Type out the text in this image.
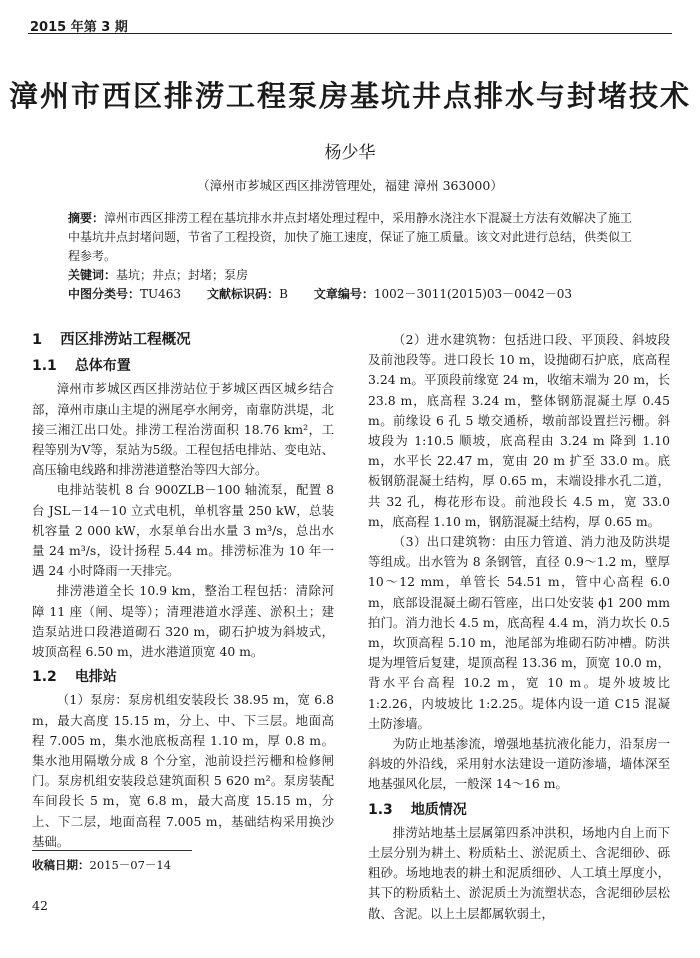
2015 年第 3 期
漳州市西区排涝工程泵房基坑井点排水与封堵技术
杨少华
（漳州市芗城区西区排涝管理处，福建 漳州 363000）

摘要：漳州市西区排涝工程在基坑排水井点封堵处理过程中，采用静水浇注水下混凝土方法有效解决了施工中基坑井点封堵问题，节省了工程投资，加快了施工速度，保证了施工质量。该文对此进行总结，供类似工程参考。

关键词：基坑；井点；封堵；泵房

中图分类号：TU463 文献标识码：B 文章编号：1002－3011(2015)03－0042－03

1 西区排涝站工程概况
1.1 总体布置

漳州市芗城区西区排涝站位于芗城区西区城乡结合部，漳州市康山主堤的洲尾亭水闸旁，南靠防洪堤，北接三湘江出口处。排涝工程治涝面积 18.76 km²，工程等别为Ⅴ等，泵站为5级。工程包括电排站、变电站、高压输电线路和排涝港道整治等四大部分。

电排站装机 8 台 900ZLB－100 轴流泵，配置 8 台 JSL－14－10 立式电机，单机容量 250 kW，总装机容量 2 000 kW，水泵单台出水量 3 m³/s，总出水量 24 m³/s，设计扬程 5.44 m。排涝标准为 10 年一遇 24 小时降雨一天排完。

排涝港道全长 10.9 km，整治工程包括：清除河障 11 座（闸、堤等）；清理港道水浮莲、淤积土；建造泵站进口段港道砌石 320 m，砌石护坡为斜坡式，坡顶高程 6.50 m，进水港道顶宽 40 m。

1.2 电排站

（1）泵房：泵房机组安装段长 38.95 m，宽 6.8 m，最大高度 15.15 m，分上、中、下三层。地面高程 7.005 m，集水池底板高程 1.10 m，厚 0.8 m。集水池用隔墩分成 8 个分室，池前设拦污栅和检修闸门。泵房机组安装段总建筑面积 5 620 m²。泵房装配车间段长 5 m，宽 6.8 m，最大高度 15.15 m，分上、下二层，地面高程 7.005 m，基础结构采用换沙基础。

（2）进水建筑物：包括进口段、平顶段、斜坡段及前池段等。进口段长 10 m，设抛砌石护底，底高程 3.24 m。平顶段前缘宽 24 m，收缩末端为 20 m，长 23.8 m，底高程 3.24 m，整体钢筋混凝土厚 0.45 m。前缘设 6 孔 5 墩交通桥，墩前部设置拦污栅。斜坡段为 1:10.5 顺坡，底高程由 3.24 m 降到 1.10 m，水平长 22.47 m，宽由 20 m 扩至 33.0 m。底板钢筋混凝土结构，厚 0.65 m，末端设排水孔二道，共 32 孔，梅花形布设。前池段长 4.5 m，宽 33.0 m，底高程 1.10 m，钢筋混凝土结构，厚 0.65 m。

（3）出口建筑物：由压力管道、消力池及防洪堤等组成。出水管为 8 条钢管，直径 0.9～1.2 m，壁厚 10～12 mm，单管长 54.51 m，管中心高程 6.0 m，底部设混凝土砌石管座，出口处安装 ϕ1 200 mm 拍门。消力池长 4.5 m，底高程 4.4 m，消力坎长 0.5 m，坎顶高程 5.10 m，池尾部为堆砌石防冲槽。防洪堤为埋管后复建，堤顶高程 13.36 m，顶宽 10.0 m，背水平台高程 10.2 m，宽 10 m。堤外坡坡比 1:2.26，内坡坡比 1:2.25。堤体内设一道 C15 混凝土防渗墙。

为防止地基渗流，增强地基抗液化能力，沿泵房一斜坡的外沿线，采用射水法建设一道防渗墙，墙体深至地基强风化层，一般深 14～16 m。

1.3 地质情况

排涝站地基土层属第四系冲洪积，场地内自上而下土层分别为耕土、粉质粘土、淤泥质土、含泥细砂、砾粗砂。场地地表的耕土和泥质细砂、人工填土厚度小，其下的粉质粘土、淤泥质土为流塑状态，含泥细砂层松散、含泥。以上土层都属软弱土，

收稿日期：2015－07－14
42
